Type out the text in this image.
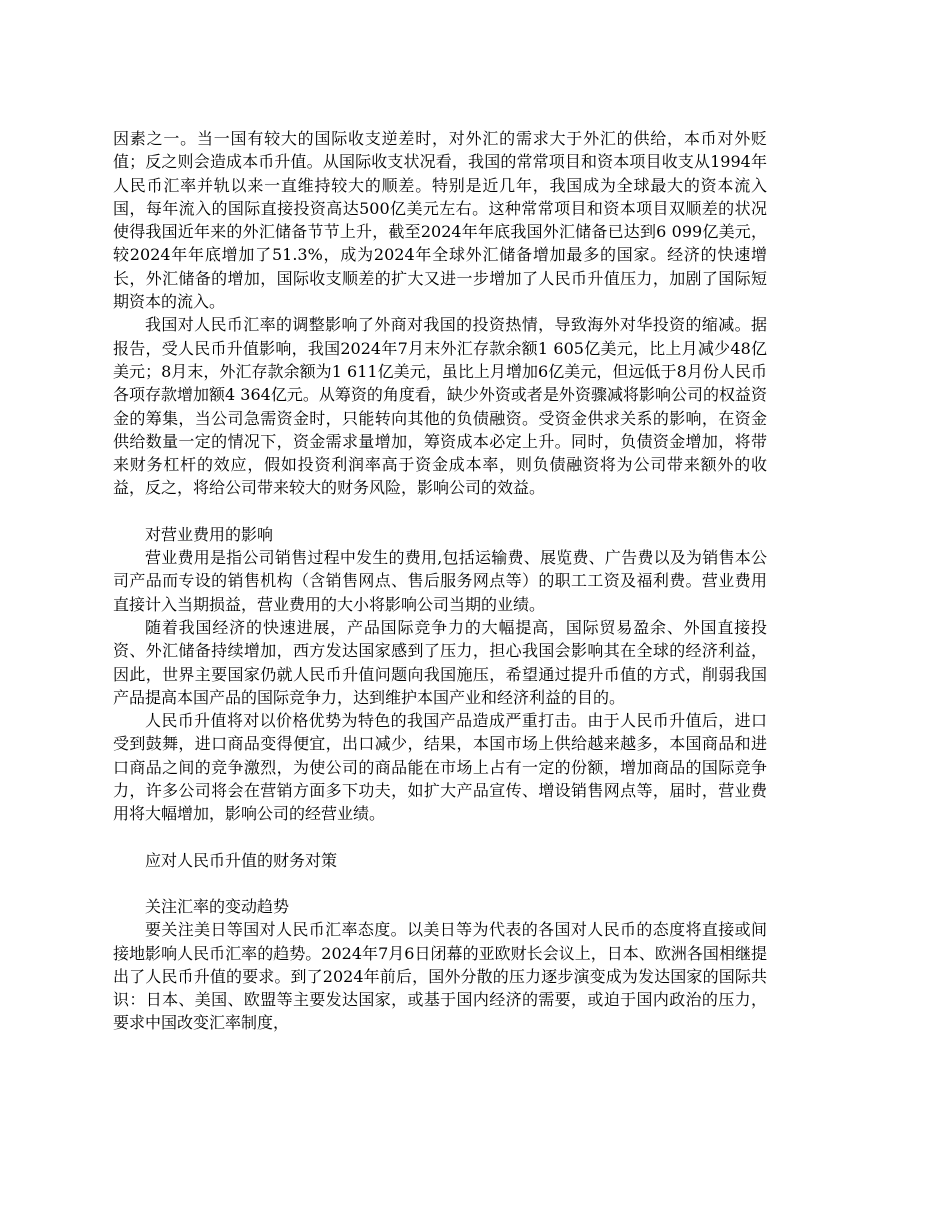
因素之一。当一国有较大的国际收支逆差时，对外汇的需求大于外汇的供给，本币对外贬值；反之则会造成本币升值。从国际收支状况看，我国的常常项目和资本项目收支从1994年人民币汇率并轨以来一直维持较大的顺差。特别是近几年，我国成为全球最大的资本流入国，每年流入的国际直接投资高达500亿美元左右。这种常常项目和资本项目双顺差的状况使得我国近年来的外汇储备节节上升，截至2024年年底我国外汇储备已达到6 099亿美元，较2024年年底增加了51.3%，成为2024年全球外汇储备增加最多的国家。经济的快速增长，外汇储备的增加，国际收支顺差的扩大又进一步增加了人民币升值压力，加剧了国际短期资本的流入。

我国对人民币汇率的调整影响了外商对我国的投资热情，导致海外对华投资的缩减。据报告，受人民币升值影响，我国2024年7月末外汇存款余额1 605亿美元，比上月减少48亿美元；8月末，外汇存款余额为1 611亿美元，虽比上月增加6亿美元，但远低于8月份人民币各项存款增加额4 364亿元。从筹资的角度看，缺少外资或者是外资骤减将影响公司的权益资金的筹集，当公司急需资金时，只能转向其他的负债融资。受资金供求关系的影响，在资金供给数量一定的情况下，资金需求量增加，筹资成本必定上升。同时，负债资金增加，将带来财务杠杆的效应，假如投资利润率高于资金成本率，则负债融资将为公司带来额外的收益，反之，将给公司带来较大的财务风险，影响公司的效益。

对营业费用的影响

营业费用是指公司销售过程中发生的费用,包括运输费、展览费、广告费以及为销售本公司产品而专设的销售机构（含销售网点、售后服务网点等）的职工工资及福利费。营业费用直接计入当期损益，营业费用的大小将影响公司当期的业绩。

随着我国经济的快速进展，产品国际竞争力的大幅提高，国际贸易盈余、外国直接投资、外汇储备持续增加，西方发达国家感到了压力，担心我国会影响其在全球的经济利益，因此，世界主要国家仍就人民币升值问题向我国施压，希望通过提升币值的方式，削弱我国产品提高本国产品的国际竞争力，达到维护本国产业和经济利益的目的。

人民币升值将对以价格优势为特色的我国产品造成严重打击。由于人民币升值后，进口受到鼓舞，进口商品变得便宜，出口减少，结果，本国市场上供给越来越多，本国商品和进口商品之间的竞争激烈，为使公司的商品能在市场上占有一定的份额，增加商品的国际竞争力，许多公司将会在营销方面多下功夫，如扩大产品宣传、增设销售网点等，届时，营业费用将大幅增加，影响公司的经营业绩。

应对人民币升值的财务对策

关注汇率的变动趋势

要关注美日等国对人民币汇率态度。以美日等为代表的各国对人民币的态度将直接或间接地影响人民币汇率的趋势。2024年7月6日闭幕的亚欧财长会议上，日本、欧洲各国相继提出了人民币升值的要求。到了2024年前后，国外分散的压力逐步演变成为发达国家的国际共识：日本、美国、欧盟等主要发达国家，或基于国内经济的需要，或迫于国内政治的压力，要求中国改变汇率制度，
